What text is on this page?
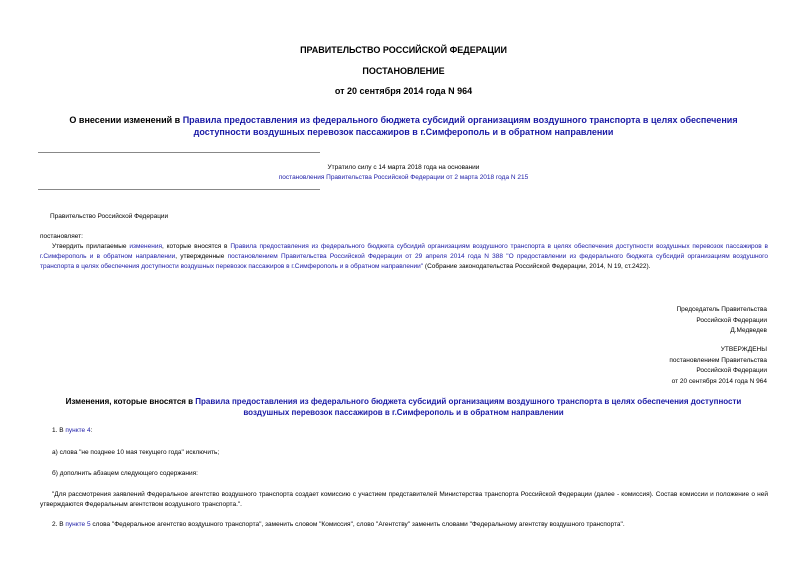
ПРАВИТЕЛЬСТВО РОССИЙСКОЙ ФЕДЕРАЦИИ
ПОСТАНОВЛЕНИЕ
от 20 сентября 2014 года N 964
О внесении изменений в Правила предоставления из федерального бюджета субсидий организациям воздушного транспорта в целях обеспечения доступности воздушных перевозок пассажиров в г.Симферополь и в обратном направлении
Утратило силу с 14 марта 2018 года на основании
постановления Правительства Российской Федерации от 2 марта 2018 года N 215
Правительство Российской Федерации
постановляет:
Утвердить прилагаемые изменения, которые вносятся в Правила предоставления из федерального бюджета субсидий организациям воздушного транспорта в целях обеспечения доступности воздушных перевозок пассажиров в г.Симферополь и в обратном направлении, утвержденные постановлением Правительства Российской Федерации от 29 апреля 2014 года N 388 "О предоставлении из федерального бюджета субсидий организациям воздушного транспорта в целях обеспечения доступности воздушных перевозок пассажиров в г.Симферополь и в обратном направлении" (Собрание законодательства Российской Федерации, 2014, N 19, ст.2422).
Председатель Правительства
Российской Федерации
Д.Медведев
УТВЕРЖДЕНЫ
постановлением Правительства
Российской Федерации
от 20 сентября 2014 года N 964
Изменения, которые вносятся в Правила предоставления из федерального бюджета субсидий организациям воздушного транспорта в целях обеспечения доступности воздушных перевозок пассажиров в г.Симферополь и в обратном направлении
1. В пункте 4:
а) слова "не позднее 10 мая текущего года" исключить;
б) дополнить абзацем следующего содержания:
"Для рассмотрения заявлений Федеральное агентство воздушного транспорта создает комиссию с участием представителей Министерства транспорта Российской Федерации (далее - комиссия). Состав комиссии и положение о ней утверждаются Федеральным агентством воздушного транспорта.".
2. В пункте 5 слова "Федеральное агентство воздушного транспорта", заменить словом "Комиссия", слово "Агентству" заменить словами "Федеральному агентству воздушного транспорта".
